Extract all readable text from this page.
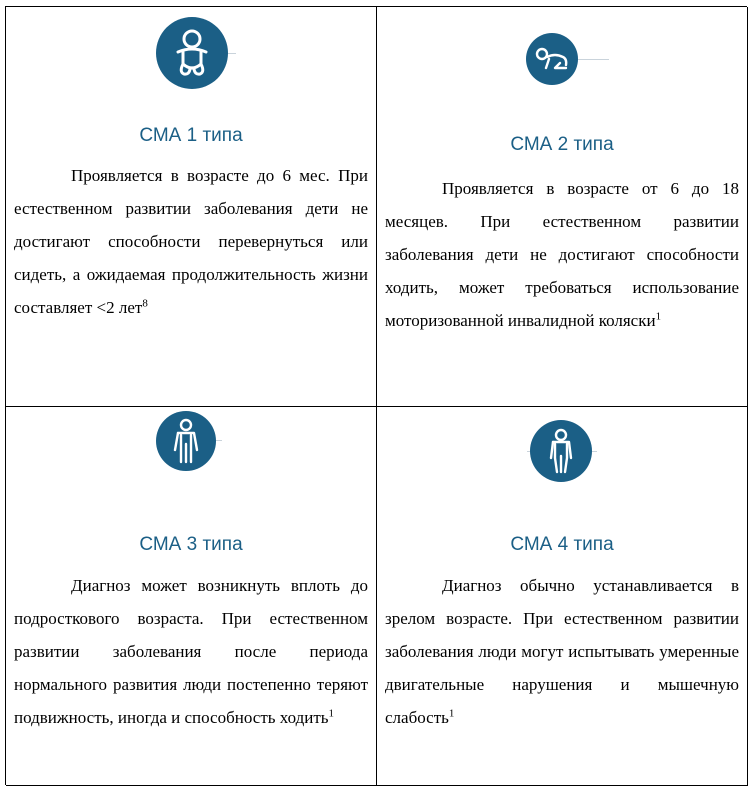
СМА 1 типа
Проявляется в возрасте до 6 мес. При естественном развитии заболевания дети не достигают способности перевернуться или сидеть, а ожидаемая продолжительность жизни составляет <2 лет$^8$
СМА 2 типа
Проявляется в возрасте от 6 до 18 месяцев. При естественном развитии заболевания дети не достигают способности ходить, может требоваться использование моторизованной инвалидной коляски$^1$
СМА 3 типа
Диагноз может возникнуть вплоть до подросткового возраста. При естественном развитии заболевания после периода нормального развития люди постепенно теряют подвижность, иногда и способность ходить$^1$
СМА 4 типа
Диагноз обычно устанавливается в зрелом возрасте. При естественном развитии заболевания люди могут испытывать умеренные двигательные нарушения и мышечную слабость$^1$
